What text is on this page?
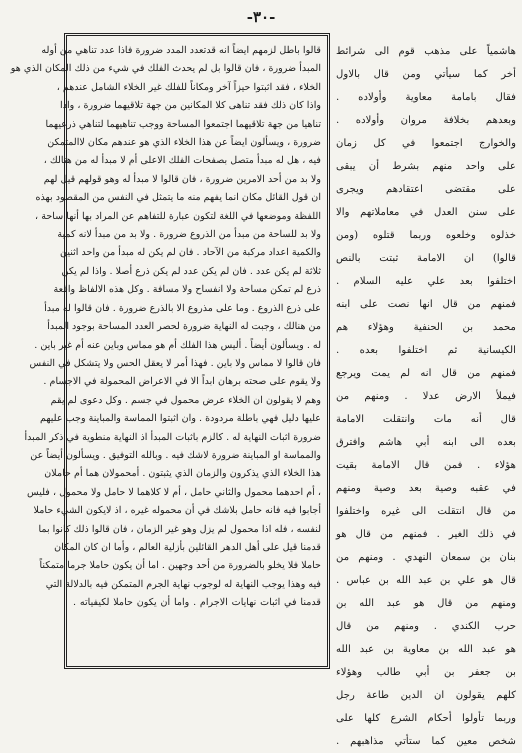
-٣٠-
قالوا باطل لزمهم ايضاً انه قدتعدد المدد ضرورة فاذا عدد تناهي من أوله
المبدأ ضرورة ، فان قالوا بل لم يحدث الفلك في شيء من ذلك المكان الذي هو
الخلاء ، فقد اثبتوا حيزاً آخر ومكاناً للفلك غير الخلاء الشامل عندهم ،
واذا كان ذلك فقد تناهى كلا المكانين من جهة تلاقيهما ضرورة ، واذا
تناهيا من جهة تلاقيهما اجتمعوا المساحة ووجب تناهيهما لتناهي ذرعيهما
ضرورة ، ويسألون ايضاً عن هذا الخلاء الذي هو عندهم مكان لاالمتمكن
فيه ، هل له مبدأ متصل بصفحات الفلك الاعلى أم لا مبدأ له من هنالك ،
ولا بد من أحد الامرين ضرورة ، فان قالوا لا مبدأ له وهو قولهم قيل لهم
ان قول القائل مكان انما يفهم منه ما يتمثل في النفس من المقصود بهذه
اللفظة وموضعها في اللغة لتكون عبارة للتفاهم عن المراد بها أنها ساحة ،
ولا بد للساحة من مبدأ من الذروع ضرورة . ولا بد من مبدأ لانه كمية
والكمية اعداد مركبة من الآحاد . فان لم يكن له مبدأ من واحد اثنين
ثلاثة لم يكن عدد . فان لم يكن عدد لم يكن ذرع أصلا . واذا لم يكن
ذرع لم تمكن مساحة ولا انفساح ولا مسافة . وكل هذه الالفاظ واقعة
على ذرع الذروع . وما على مذروع الا بالذرع ضرورة . فان قالوا له مبدأ
من هنالك ، وجبت له النهاية ضرورة لحصر العدد المساحة بوجود المبدأ
له . ويسألون أيضاً . أليس هذا الفلك أم هو مماس وباين عنه أم غير باين .
فان قالوا لا مماس ولا باين . فهذا أمر لا يعقل الحس ولا يتشكل في النفس
ولا يقوم على صحته برهان ابداً الا في الاعراض المحمولة في الاجسام .
وهم لا يقولون ان الخلاء عرض محمول في جسم . وكل دعوى لم يقم
عليها دليل فهي باطلة مردودة . وان اثبتوا المماسة والمباينة وجب عليهم
ضرورة اثبات النهاية له . كالزم باثبات المبدأ اذ النهاية منطوية في ذكر المبدأ
والمماسة او المباينة ضرورة لاشك فيه . وبالله التوفيق . ويسألون أيضاً عن
هذا الخلاء الذي يذكرون والزمان الذي يثبتون . أمحمولان هما أم حاملان
، أم احدهما محمول والثاني حامل ، أم لا كلاهما لا حامل ولا محمول ، فليس
أجابوا فيه فانه حامل بلاشك في أن محموله غيره ، اذ لايكون الشيء حاملا
لنفسه ، فله اذا محمول لم يزل وهو غير الزمان ، فان قالوا ذلك كانوا بما
قدمنا قيل على أهل الدهر القائلين بأزلية العالم ، وأما ان كان المكان
حاملا فلا يخلو بالضرورة من أحد وجهين . اما أن يكون حاملا جرما متمكناً
فيه وهذا يوجب النهاية له لوجوب نهاية الجرم المتمكن فيه بالدلالة التي
قدمنا في اثبات نهايات الاجرام . واما أن يكون حاملا لكيفياته .
هاشمياً على مذهب قوم الى شرائط
أخر كما سيأتي ومن قال بالاول
فقال بامامة معاوية وأولاده .
وبعدهم بخلافة مروان وأولاده .
والخوارج اجتمعوا في كل زمان
على واحد منهم بشرط أن يبقى
على مقتضى اعتقادهم ويجرى
على سنن العدل في معاملاتهم والا
خذلوه وخلعوه وربما قتلوه (ومن
قالوا) ان الامامة ثبتت بالنص
اختلفوا بعد علي عليه السلام .
فمنهم من قال انها نصت على ابنه
محمد بن الحنفية وهؤلاء هم
الكيسانية ثم اختلفوا بعده .
فمنهم من قال انه لم يمت ويرجع
فيملأ الارض عدلا . ومنهم من
قال أنه مات وانتقلت الامامة
بعده الى ابنه أبي هاشم وافترق
هؤلاء . فمن قال الامامة بقيت
في عقبه وصية بعد وصية ومنهم
من قال انتقلت الى غيره واختلفوا
في ذلك الغير . فمنهم من قال هو
بنان بن سمعان النهدي . ومنهم من
قال هو علي بن عبد الله بن عباس .
ومنهم من قال هو عبد الله بن
حرب الكندي . ومنهم من قال
هو عبد الله بن معاوية بن عبد الله
بن جعفر بن أبي طالب وهؤلاء
كلهم يقولون ان الدين طاعة رجل
وربما تأولوا أحكام الشرع كلها على
شخص معين كما ستأتي مذاهبهم .
